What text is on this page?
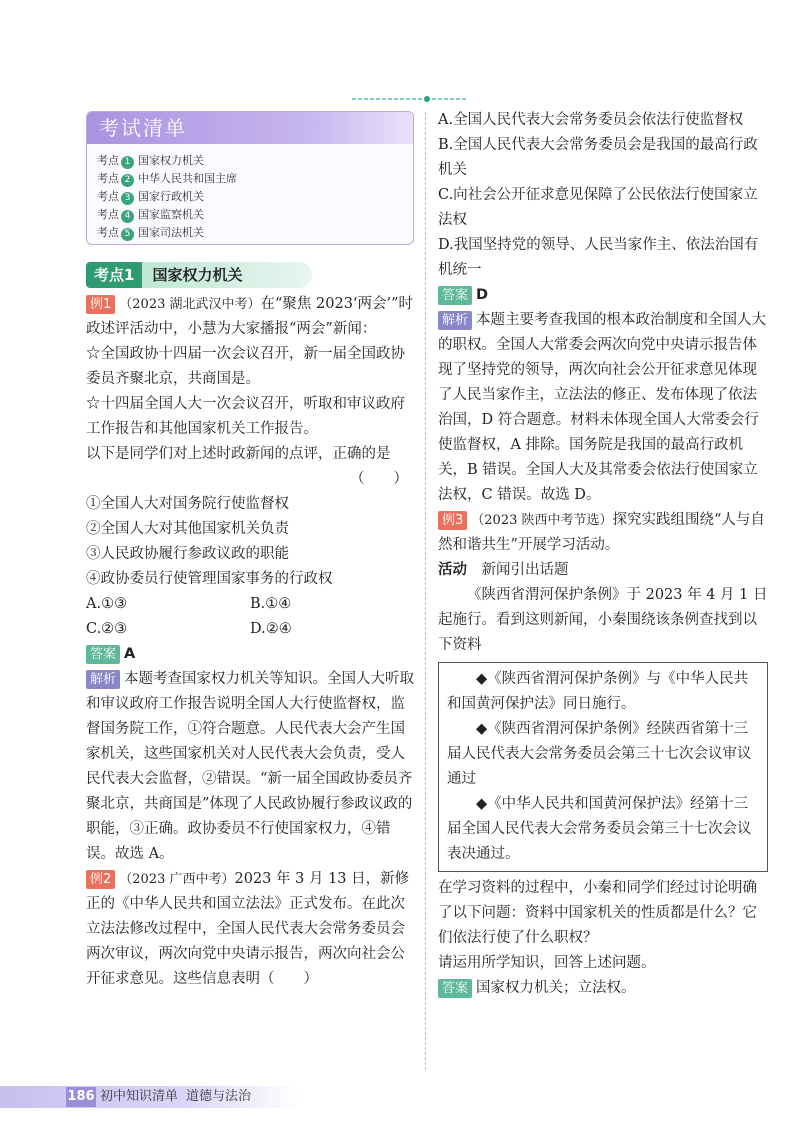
考试清单
考点 1 国家权力机关
考点 2 中华人民共和国主席
考点 3 国家行政机关
考点 4 国家监察机关
考点 5 国家司法机关
考点1 国家权力机关

例1 （2023 湖北武汉中考）在“聚焦 2023‘两会’”时政述评活动中，小慧为大家播报“两会”新闻：

☆全国政协十四届一次会议召开，新一届全国政协委员齐聚北京，共商国是。

☆十四届全国人大一次会议召开，听取和审议政府工作报告和其他国家机关工作报告。

以下是同学们对上述时政新闻的点评，正确的是

（　　）

①全国人大对国务院行使监督权

②全国人大对其他国家机关负责

③人民政协履行参政议政的职能

④政协委员行使管理国家事务的行政权

A.①③	B.①④
C.②③	D.②④

答案 A

解析 本题考查国家权力机关等知识。全国人大听取和审议政府工作报告说明全国人大行使监督权，监督国务院工作，①符合题意。人民代表大会产生国家机关，这些国家机关对人民代表大会负责，受人民代表大会监督，②错误。“新一届全国政协委员齐聚北京，共商国是”体现了人民政协履行参政议政的职能，③正确。政协委员不行使国家权力，④错误。故选 A。

例2 （2023 广西中考）2023 年 3 月 13 日，新修正的《中华人民共和国立法法》正式发布。在此次立法法修改过程中，全国人民代表大会常务委员会两次审议，两次向党中央请示报告，两次向社会公开征求意见。这些信息表明（　　）

A.全国人民代表大会常务委员会依法行使监督权

B.全国人民代表大会常务委员会是我国的最高行政机关

C.向社会公开征求意见保障了公民依法行使国家立法权

D.我国坚持党的领导、人民当家作主、依法治国有机统一

答案 D

解析 本题主要考查我国的根本政治制度和全国人大的职权。全国人大常委会两次向党中央请示报告体现了坚持党的领导，两次向社会公开征求意见体现了人民当家作主，立法法的修正、发布体现了依法治国，D 符合题意。材料未体现全国人大常委会行使监督权，A 排除。国务院是我国的最高行政机关，B 错误。全国人大及其常委会依法行使国家立法权，C 错误。故选 D。

例3 （2023 陕西中考节选）探究实践组围绕“人与自然和谐共生”开展学习活动。

活动　 新闻引出话题

《陕西省渭河保护条例》于 2023 年 4 月 1 日起施行。看到这则新闻，小秦围绕该条例查找到以下资料

◆《陕西省渭河保护条例》与《中华人民共和国黄河保护法》同日施行。

◆《陕西省渭河保护条例》经陕西省第十三届人民代表大会常务委员会第三十七次会议审议通过

◆《中华人民共和国黄河保护法》经第十三届全国人民代表大会常务委员会第三十七次会议表决通过。

在学习资料的过程中，小秦和同学们经过讨论明确了以下问题：资料中国家机关的性质都是什么？它们依法行使了什么职权？

请运用所学知识，回答上述问题。

答案 国家权力机关；立法权。

186 初中知识清单 道德与法治
